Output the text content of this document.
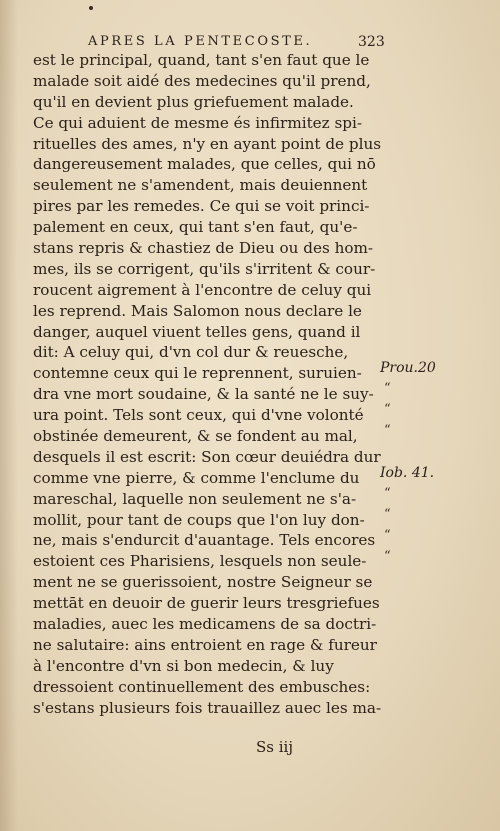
APRES LA PENTECOSTE.	323
est le principal, quand, tant s'en faut que le
malade soit aidé des medecines qu'il prend,
qu'il en devient plus griefuement malade.
Ce qui aduient de mesme és infirmitez spi-
rituelles des ames, n'y en ayant point de plus
dangereusement malades, que celles, qui nō
seulement ne s'amendent, mais deuiennent
pires par les remedes. Ce qui se voit princi-
palement en ceux, qui tant s'en faut, qu'e-
stans repris & chastiez de Dieu ou des hom-
mes, ils se corrigent, qu'ils s'irritent & cour-
roucent aigrement à l'encontre de celuy qui
les reprend. Mais Salomon nous declare le
danger, auquel viuent telles gens, quand il
dit: A celuy qui, d'vn col dur & reuesche,
contemne ceux qui le reprennent, suruien-
dra vne mort soudaine, & la santé ne le suy-
ura point. Tels sont ceux, qui d'vne volonté
obstinée demeurent, & se fondent au mal,
desquels il est escrit: Son cœur deuiédra dur
comme vne pierre, & comme l'enclume du
mareschal, laquelle non seulement ne s'a-
mollit, pour tant de coups que l'on luy don-
ne, mais s'endurcit d'auantage. Tels encores
estoient ces Pharisiens, lesquels non seule-
ment ne se guerissoient, nostre Seigneur se
mettāt en deuoir de guerir leurs tresgriefues
maladies, auec les medicamens de sa doctri-
ne salutaire: ains entroient en rage & fureur
à l'encontre d'vn si bon medecin, & luy
dressoient continuellement des embusches:
s'estans plusieurs fois trauaillez auec les ma-
Prou.20
“
“
“
Iob. 41.
“
“
“
“
Ss iij
